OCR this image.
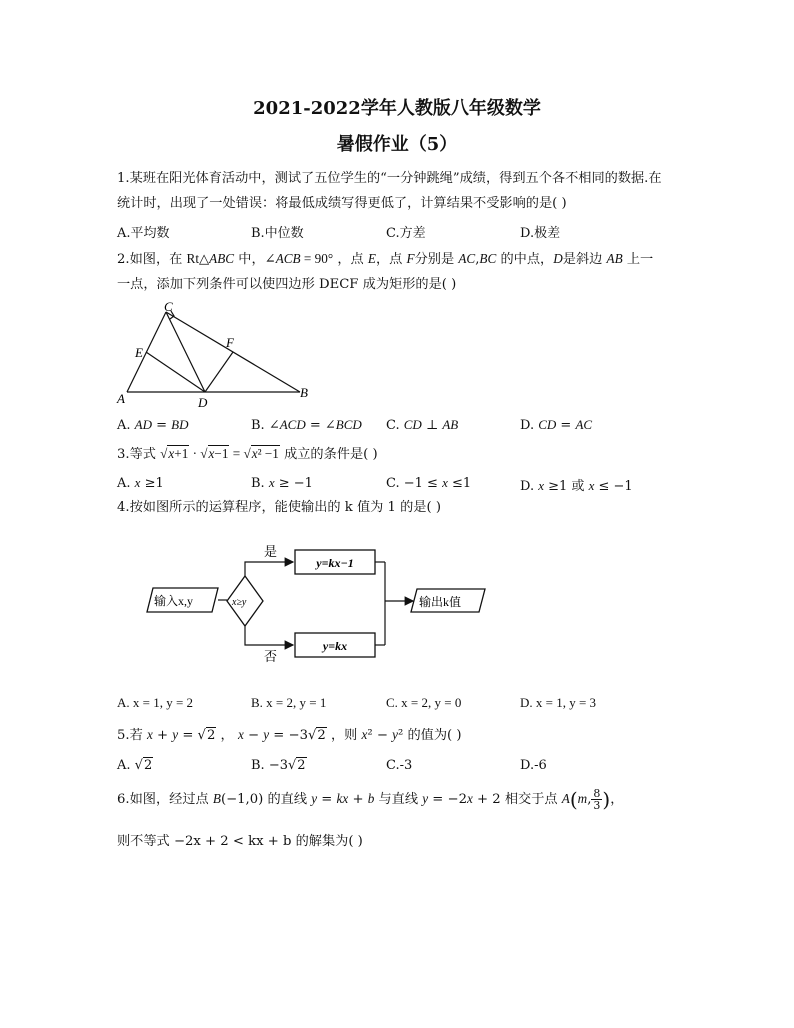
2021-2022学年人教版八年级数学
暑假作业（5）
1.某班在阳光体育活动中，测试了五位学生的“一分钟跳绳”成绩，得到五个各不相同的数据.在
统计时，出现了一处错误：将最低成绩写得更低了，计算结果不受影响的是( )
A.平均数	B.中位数	C.方差	D.极差
2.如图，在 Rt△ABC 中，∠ACB = 90° ，点 E，点 F分别是 AC,BC 的中点，D是斜边 AB 上一
一点，添加下列条件可以使四边形 DECF 成为矩形的是( )
C
E
F
A	D
B
A. AD = BD	B. ∠ACD = ∠BCD C. CD ⊥ AB	D. CD = AC
3.等式 √x+1 · √x−1 = √x² −1 成立的条件是( )
A. x ≥1	B. x ≥ −1	C. −1 ≤ x ≤1	D. x ≥1 或 x ≤ −1
4.按如图所示的运算程序，能使输出的 k 值为 1 的是( )
输入x,y	x≥y
是
否
y=kx−1
y=kx
输出k值
A. x = 1, y = 2	B. x = 2, y = 1	C. x = 2, y = 0	D. x = 1, y = 3
5.若 x + y = √2 ， x − y = −3√2 ，则 x² − y² 的值为( )
A. √2	B. −3√2	C.-3	D.-6
6.如图，经过点 B(−1,0) 的直线 y = kx + b 与直线 y = −2x + 2 相交于点 A(m, $\frac{8}{3}$ )，
则不等式 −2x + 2 < kx + b 的解集为( )
